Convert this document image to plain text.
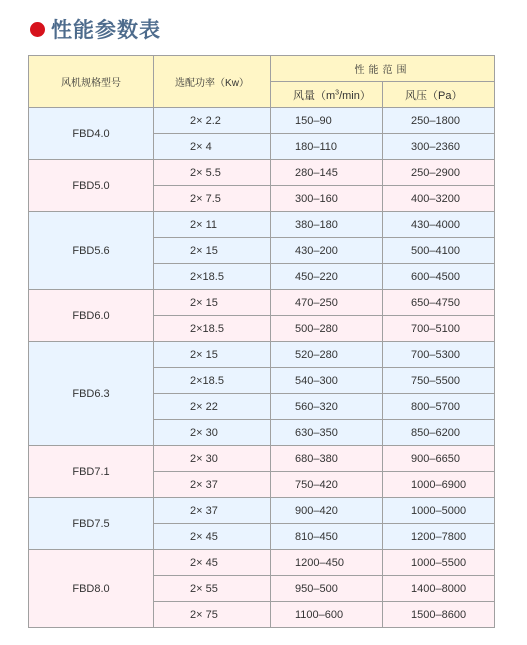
性能参数表
风机规格型号	选配功率（Kw）	性能范围	
		风量$(m^3/\min)$	风压（Pa）
FBD4.0	2× 2.2	150–90	250–1800
	2× 4	180–110	300–2360
FBD5.0	2× 5.5	280–145	250–2900
	2× 7.5	300–160	400–3200
FBD5.6	2× 11	380–180	430–4000
	2× 15	430–200	500–4100
	2×18.5	450–220	600–4500
FBD6.0	2× 15	470–250	650–4750
	2×18.5	500–280	700–5100
FBD6.3	2× 15	520–280	700–5300
	2×18.5	540–300	750–5500
	2× 22	560–320	800–5700
	2× 30	630–350	850–6200
FBD7.1	2× 30	680–380	900–6650
	2× 37	750–420	1000–6900
FBD7.5	2× 37	900–420	1000–5000
	2× 45	810–450	1200–7800
FBD8.0	2× 45	1200–450	1000–5500
	2× 55	950–500	1400–8000
	2× 75	1100–600	1500–8600
